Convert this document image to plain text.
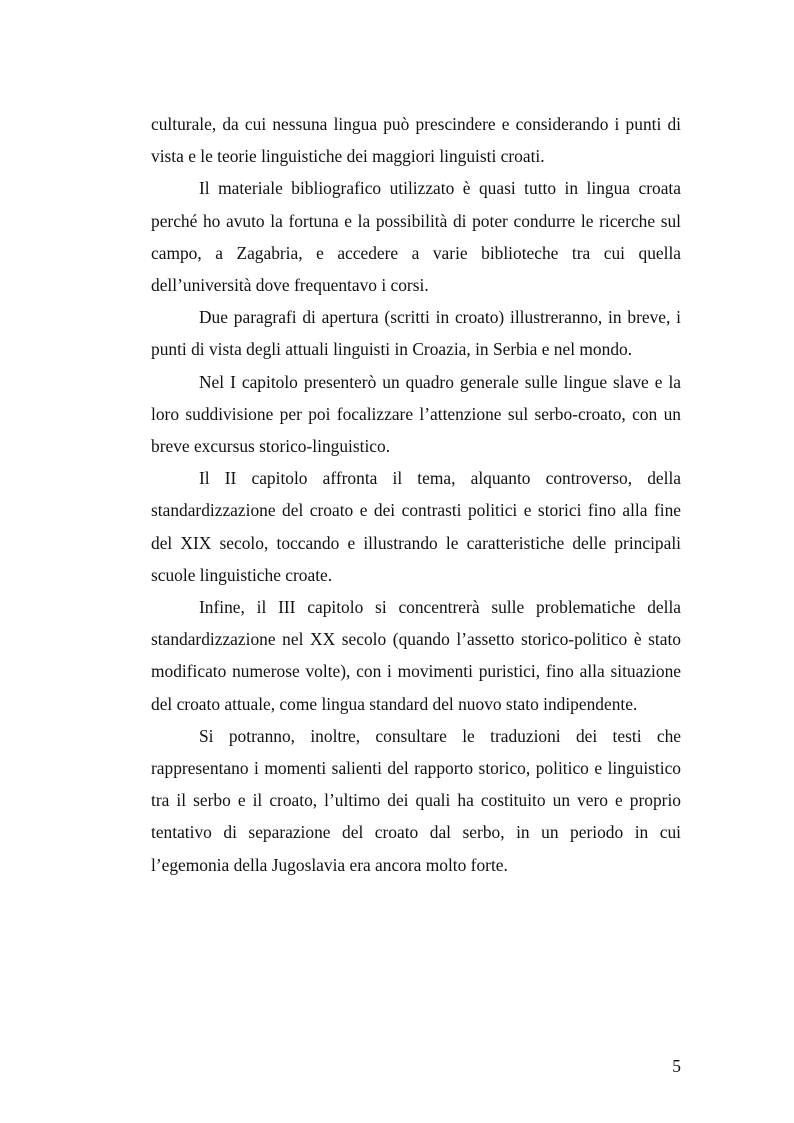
culturale, da cui nessuna lingua può prescindere e considerando i punti di vista e le teorie linguistiche dei maggiori linguisti croati.

Il materiale bibliografico utilizzato è quasi tutto in lingua croata perché ho avuto la fortuna e la possibilità di poter condurre le ricerche sul campo, a Zagabria, e accedere a varie biblioteche tra cui quella dell’università dove frequentavo i corsi.

Due paragrafi di apertura (scritti in croato) illustreranno, in breve, i punti di vista degli attuali linguisti in Croazia, in Serbia e nel mondo.

Nel I capitolo presenterò un quadro generale sulle lingue slave e la loro suddivisione per poi focalizzare l’attenzione sul serbo-croato, con un breve excursus storico-linguistico.

Il II capitolo affronta il tema, alquanto controverso, della standardizzazione del croato e dei contrasti politici e storici fino alla fine del XIX secolo, toccando e illustrando le caratteristiche delle principali scuole linguistiche croate.

Infine, il III capitolo si concentrerà sulle problematiche della standardizzazione nel XX secolo (quando l’assetto storico-politico è stato modificato numerose volte), con i movimenti puristici, fino alla situazione del croato attuale, come lingua standard del nuovo stato indipendente.

Si potranno, inoltre, consultare le traduzioni dei testi che rappresentano i momenti salienti del rapporto storico, politico e linguistico tra il serbo e il croato, l’ultimo dei quali ha costituito un vero e proprio tentativo di separazione del croato dal serbo, in un periodo in cui l’egemonia della Jugoslavia era ancora molto forte.

5
